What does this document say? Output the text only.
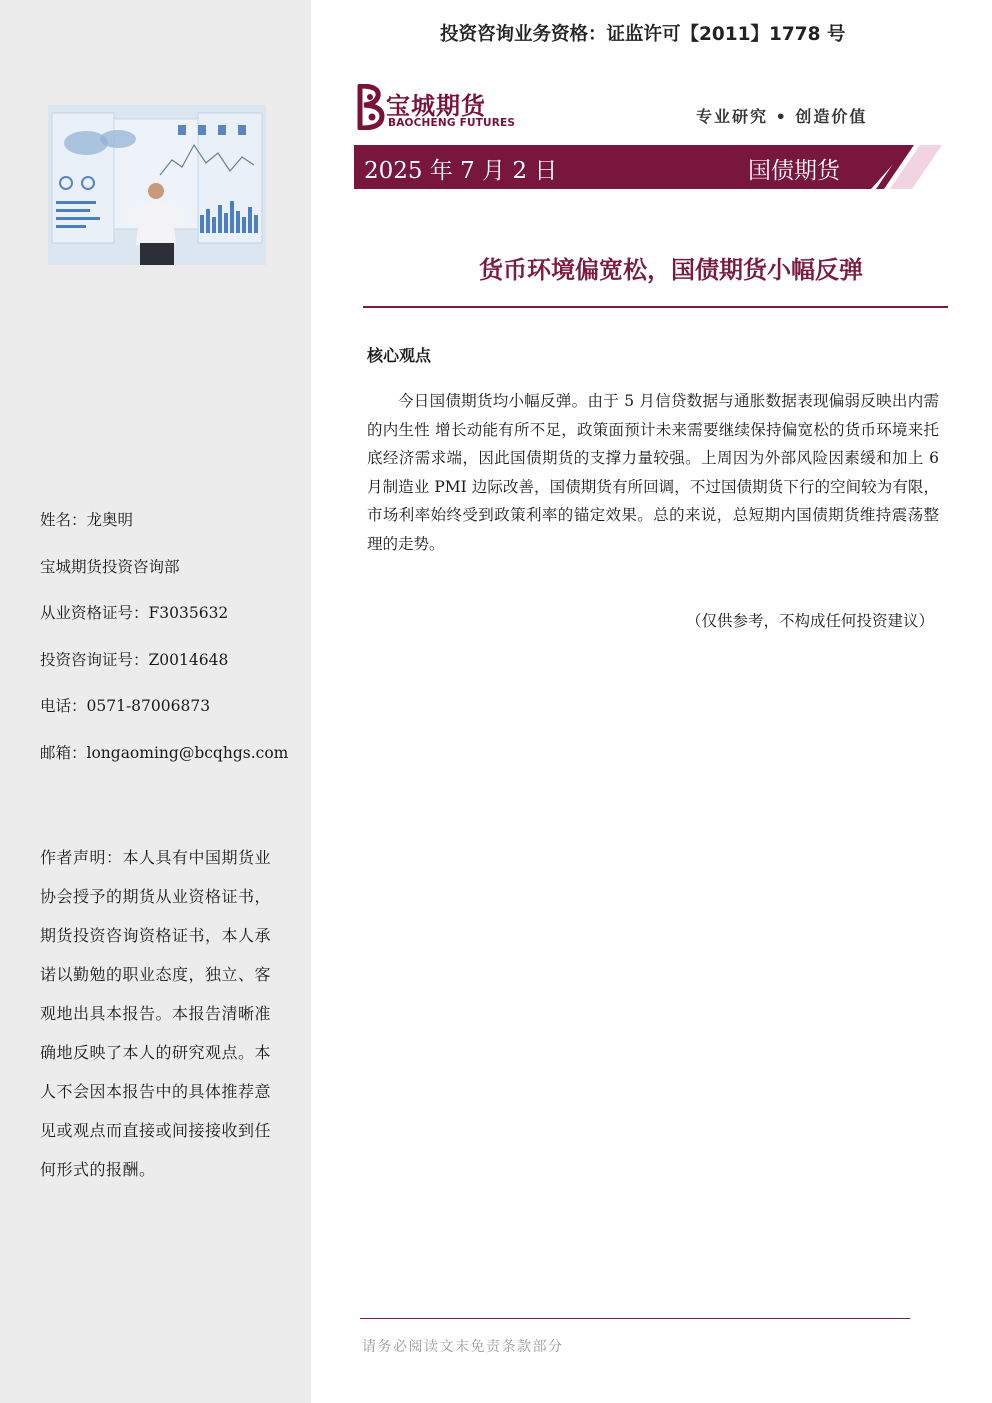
姓名：龙奥明
宝城期货投资咨询部
从业资格证号：F3035632
投资咨询证号：Z0014648
电话：0571-87006873
邮箱：longaoming@bcqhgs.com
作者声明：本人具有中国期货业协会授予的期货从业资格证书，期货投资咨询资格证书，本人承诺以勤勉的职业态度，独立、客观地出具本报告。本报告清晰准确地反映了本人的研究观点。本人不会因本报告中的具体推荐意见或观点而直接或间接接收到任何形式的报酬。
投资咨询业务资格：证监许可【2011】1778 号
宝城期货
BAOCHENG FUTURES	专业研究 • 创造价值
2025 年 7 月 2 日	国债期货
货币环境偏宽松，国债期货小幅反弹
核心观点
今日国债期货均小幅反弹。由于 5 月信贷数据与通胀数据表现偏弱反映出内需的内生性 增长动能有所不足，政策面预计未来需要继续保持偏宽松的货币环境来托底经济需求端，因此国债期货的支撑力量较强。上周因为外部风险因素缓和加上 6 月制造业 PMI 边际改善，国债期货有所回调，不过国债期货下行的空间较为有限，市场利率始终受到政策利率的锚定效果。总的来说，总短期内国债期货维持震荡整理的走势。
（仅供参考，不构成任何投资建议）
请务必阅读文末免责条款部分
